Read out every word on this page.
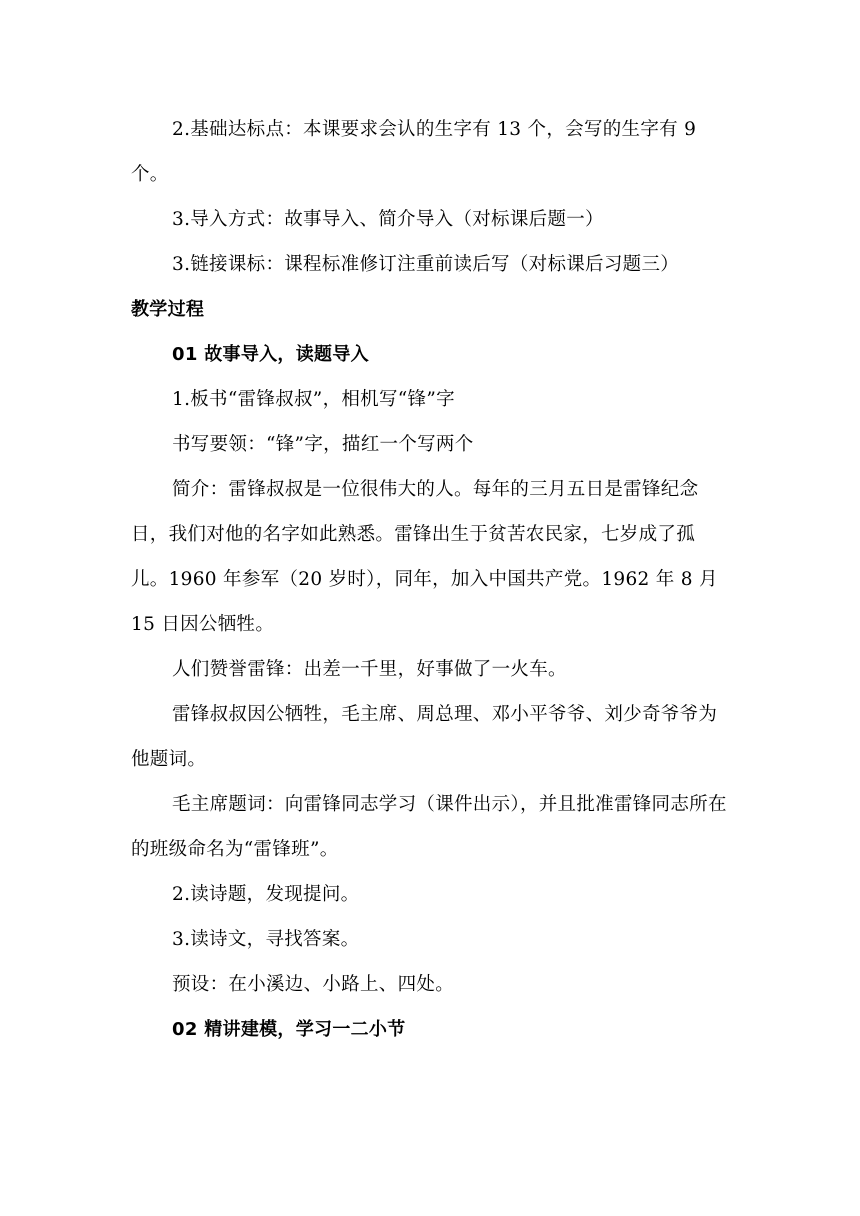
2.基础达标点：本课要求会认的生字有 13 个，会写的生字有 9 个。

3.导入方式：故事导入、简介导入（对标课后题一）

3.链接课标：课程标准修订注重前读后写（对标课后习题三）

教学过程

01 故事导入，读题导入

1.板书“雷锋叔叔”，相机写“锋”字

书写要领：“锋”字，描红一个写两个

简介：雷锋叔叔是一位很伟大的人。每年的三月五日是雷锋纪念日，我们对他的名字如此熟悉。雷锋出生于贫苦农民家，七岁成了孤儿。1960 年参军（20 岁时），同年，加入中国共产党。1962 年 8 月 15 日因公牺牲。

人们赞誉雷锋：出差一千里，好事做了一火车。

雷锋叔叔因公牺牲，毛主席、周总理、邓小平爷爷、刘少奇爷爷为他题词。

毛主席题词：向雷锋同志学习（课件出示），并且批准雷锋同志所在的班级命名为“雷锋班”。

2.读诗题，发现提问。

3.读诗文，寻找答案。

预设：在小溪边、小路上、四处。

02 精讲建模，学习一二小节
